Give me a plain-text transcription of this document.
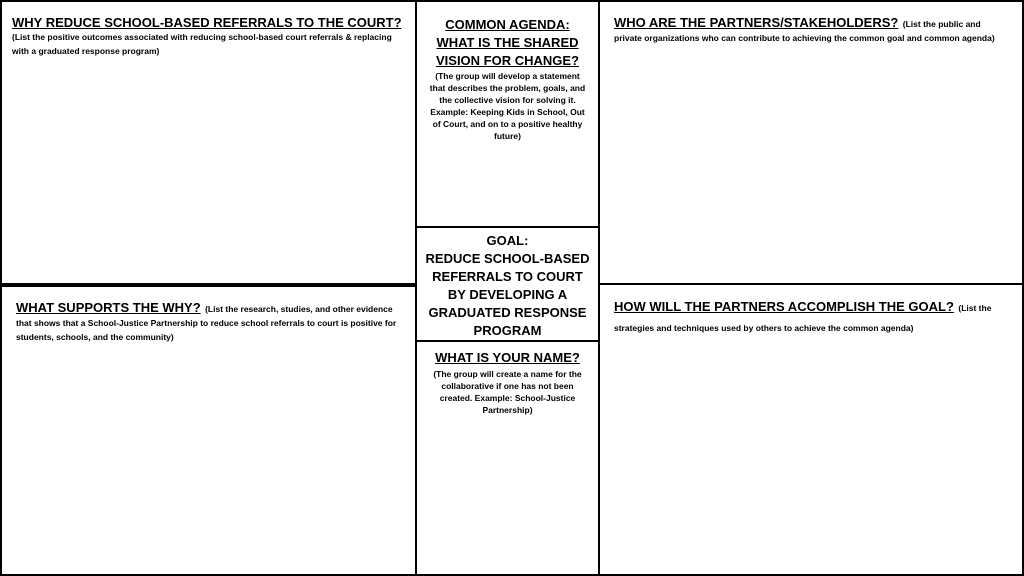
WHY REDUCE SCHOOL-BASED REFERRALS TO THE COURT? (List the positive outcomes associated with reducing school-based court referrals & replacing with a graduated response program)
WHAT SUPPORTS THE WHY? (List the research, studies, and other evidence that shows that a School-Justice Partnership to reduce school referrals to court is positive for students, schools, and the community)
COMMON AGENDA: WHAT IS THE SHARED VISION FOR CHANGE?
(The group will develop a statement that describes the problem, goals, and the collective vision for solving it. Example: Keeping Kids in School, Out of Court, and on to a positive healthy future)
GOAL:
REDUCE SCHOOL-BASED REFERRALS TO COURT BY DEVELOPING A GRADUATED RESPONSE PROGRAM
WHAT IS YOUR NAME?
(The group will create a name for the collaborative if one has not been created. Example: School-Justice Partnership)
WHO ARE THE PARTNERS/STAKEHOLDERS? (List the public and private organizations who can contribute to achieving the common goal and common agenda)
HOW WILL THE PARTNERS ACCOMPLISH THE GOAL? (List the strategies and techniques used by others to achieve the common agenda)
